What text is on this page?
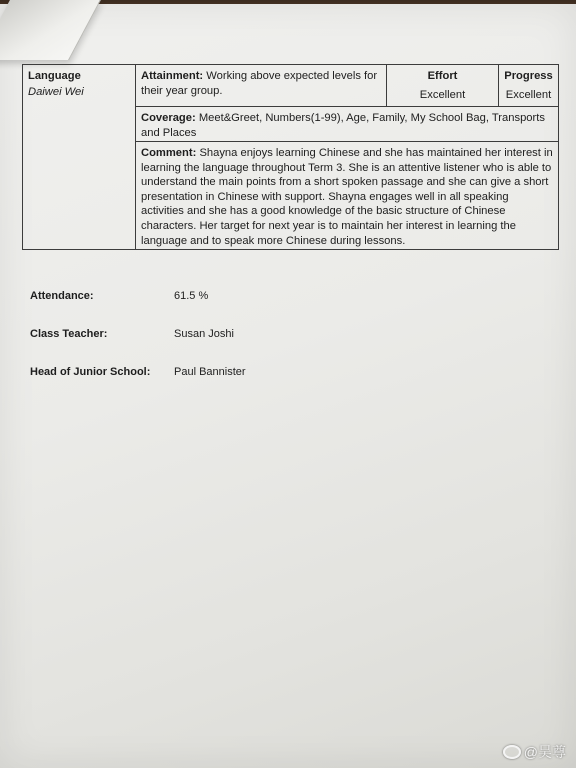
Language
Daiwei Wei
Attainment: Working above expected levels for their year group.
Effort
Excellent
Progress
Excellent
Coverage: Meet&Greet, Numbers(1-99), Age, Family, My School Bag, Transports and Places
Comment: Shayna enjoys learning Chinese and she has maintained her interest in learning the language throughout Term 3. She is an attentive listener who is able to understand the main points from a short spoken passage and she can give a short presentation in Chinese with support. Shayna engages well in all speaking activities and she has a good knowledge of the basic structure of Chinese characters. Her target for next year is to maintain her interest in learning the language and to speak more Chinese during lessons.
Attendance:	61.5 %
Class Teacher:	Susan Joshi
Head of Junior School: Paul Bannister
@吴尊
